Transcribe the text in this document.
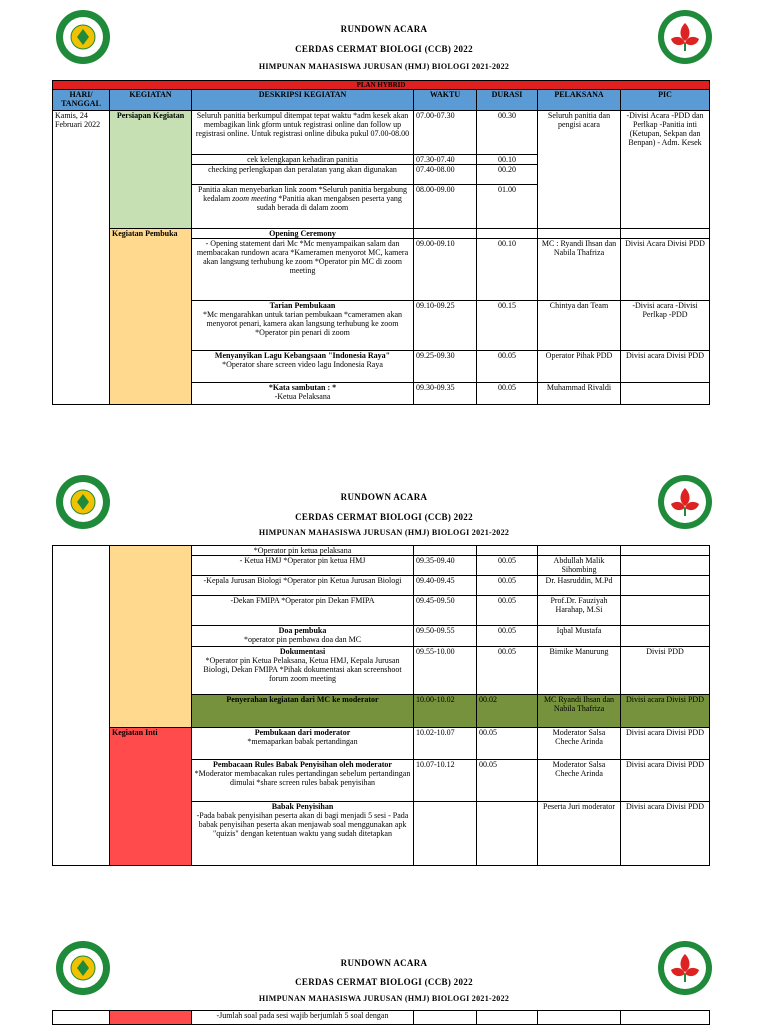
RUNDOWN ACARA
CERDAS CERMAT BIOLOGI (CCB) 2022
HIMPUNAN MAHASISWA JURUSAN (HMJ) BIOLOGI 2021-2022
PLAN HYBRID						
HARI/ TANGGAL	KEGIATAN	DESKRIPSI KEGIATAN	WAKTU	DURASI	PELAKSANA	PIC
Kamis, 24 Februari 2022	Persiapan Kegiatan	Seluruh panitia berkumpul ditempat tepat waktu *adm kesek akan membagikan link gform untuk registrasi online dan follow up registrasi online. Untuk registrasi online dibuka pukul 07.00-08.00	07.00-07.30	00.30	Seluruh panitia dan pengisi acara	-Divisi Acara -PDD dan Perlkap -Panitia inti (Ketupan, Sekpan dan Benpan) - Adm. Kesek
		cek kelengkapan kehadiran panitia	07.30-07.40	00.10		
		checking perlengkapan dan peralatan yang akan digunakan	07.40-08.00	00.20		
		Panitia akan menyebarkan link zoom *Seluruh panitia bergabung kedalam zoom meeting *Panitia akan mengabsen peserta yang sudah berada di dalam zoom	08.00-09.00	01.00		
	Kegiatan Pembuka	Opening Ceremony				
		- Opening statement dari Mc *Mc menyampaikan salam dan membacakan rundown acara *Kameramen menyorot MC, kamera akan langsung terhubung ke zoom *Operator pin MC di zoom meeting	09.00-09.10	00.10	MC : Ryandi Ihsan dan Nabila Thafriza	Divisi Acara Divisi PDD
		Tarian Pembukaan
*Mc mengarahkan untuk tarian pembukaan *cameramen akan menyorot penari, kamera akan langsung terhubung ke zoom *Operator pin penari di zoom	09.10-09.25	00.15	Chintya dan Team	-Divisi acara -Divisi Perlkap -PDD
		Menyanyikan Lagu Kebangsaan "Indonesia Raya"
*Operator share screen video lagu Indonesia Raya	09.25-09.30	00.05	Operator Pihak PDD	Divisi acara Divisi PDD
		*Kata sambutan : *
-Ketua Pelaksana	09.30-09.35	00.05	Muhammad Rivaldi	
RUNDOWN ACARA
CERDAS CERMAT BIOLOGI (CCB) 2022
HIMPUNAN MAHASISWA JURUSAN (HMJ) BIOLOGI 2021-2022
		*Operator pin ketua pelaksana				
		- Ketua HMJ *Operator pin ketua HMJ	09.35-09.40	00.05	Abdullah Malik Sihombing	
		-Kepala Jurusan Biologi *Operator pin Ketua Jurusan Biologi	09.40-09.45	00.05	Dr. Hasruddin, M.Pd	
		-Dekan FMIPA *Operator pin Dekan FMIPA	09.45-09.50	00.05	Prof.Dr. Fauziyah Harahap, M.Si	
		Doa pembuka
*operator pin pembawa doa dan MC	09.50-09.55	00.05	Iqbal Mustafa	
		Dokumentasi
*Operator pin Ketua Pelaksana, Ketua HMJ, Kepala Jurusan Biologi, Dekan FMIPA *Pihak dokumentasi akan screenshoot forum zoom meeting	09.55-10.00	00.05	Bimike Manurung	Divisi PDD
		Penyerahan kegiatan dari MC ke moderator	10.00-10.02	00.02	MC Ryandi Ihsan dan Nabila Thafriza	Divisi acara Divisi PDD
	Kegiatan Inti	Pembukaan dari moderator
*memaparkan babak pertandingan	10.02-10.07	00.05	Moderator Salsa Cheche Arinda	Divisi acara Divisi PDD
		Pembacaan Rules Babak Penyisihan oleh moderator
*Moderator membacakan rules pertandingan sebelum pertandingan dimulai *share screen rules babak penyisihan	10.07-10.12	00.05	Moderator Salsa Cheche Arinda	Divisi acara Divisi PDD
		Babak Penyisihan
-Pada babak penyisihan peserta akan di bagi menjadi 5 sesi - Pada babak penyisihan peserta akan menjawab soal menggunakan apk "quizis" dengan ketentuan waktu yang sudah ditetapkan			Peserta Juri moderator	Divisi acara Divisi PDD
RUNDOWN ACARA
CERDAS CERMAT BIOLOGI (CCB) 2022
HIMPUNAN MAHASISWA JURUSAN (HMJ) BIOLOGI 2021-2022
		-Jumlah soal pada sesi wajib berjumlah 5 soal dengan				
